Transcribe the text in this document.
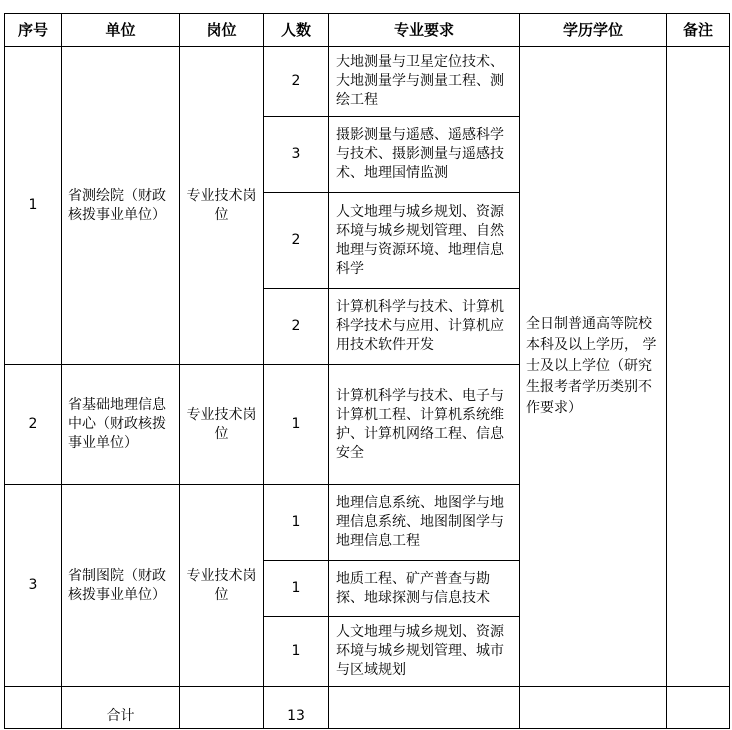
序号	单位	岗位	人数	专业要求	学历学位	备注
1	省测绘院（财政核拨事业单位）	专业技术岗位	2	大地测量与卫星定位技术、大地测量学与测量工程、测绘工程	全日制普通高等院校本科及以上学历， 学士及以上学位（研究生报考者学历类别不作要求）	
			3	摄影测量与遥感、遥感科学与技术、摄影测量与遥感技术、地理国情监测		
			2	人文地理与城乡规划、资源环境与城乡规划管理、自然地理与资源环境、地理信息科学		
			2	计算机科学与技术、计算机科学技术与应用、计算机应用技术软件开发		
2	省基础地理信息中心（财政核拨事业单位）	专业技术岗位	1	计算机科学与技术、电子与计算机工程、计算机系统维护、计算机网络工程、信息安全		
3	省制图院（财政核拨事业单位）	专业技术岗位	1	地理信息系统、地图学与地理信息系统、地图制图学与地理信息工程		
			1	地质工程、矿产普查与勘探、地球探测与信息技术		
			1	人文地理与城乡规划、资源环境与城乡规划管理、城市与区域规划		
	合计		13			
